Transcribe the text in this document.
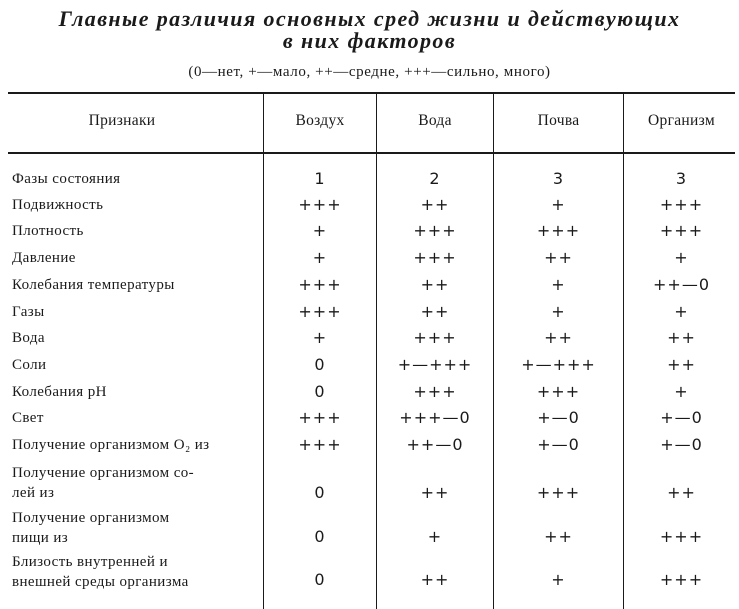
Главные различия основных сред жизни и действующих
в них факторов
(0—нет, +—мало, ++—средне, +++—сильно, много)
Признаки	Воздух	Вода	Почва	Организм
Фазы состояния	1	2	3	3
Подвижность	+++	++	+	+++
Плотность	+	+++	+++	+++
Давление	+	+++	++	+
Колебания температуры	+++	++	+	++—0
Газы	+++	++	+	+
Вода	+	+++	++	++
Соли	0	+—+++	+—+++	++
Колебания pH	0	+++	+++	+
Свет	+++	+++—0	+—0	+—0
Получение организмом O₂ из	+++	++—0	+—0	+—0
Получение организмом со-
лей из	0	++	+++	++
Получение организмом
пищи из	0	+	++	+++
Близость внутренней и
внешней среды организма	0	++	+	+++
